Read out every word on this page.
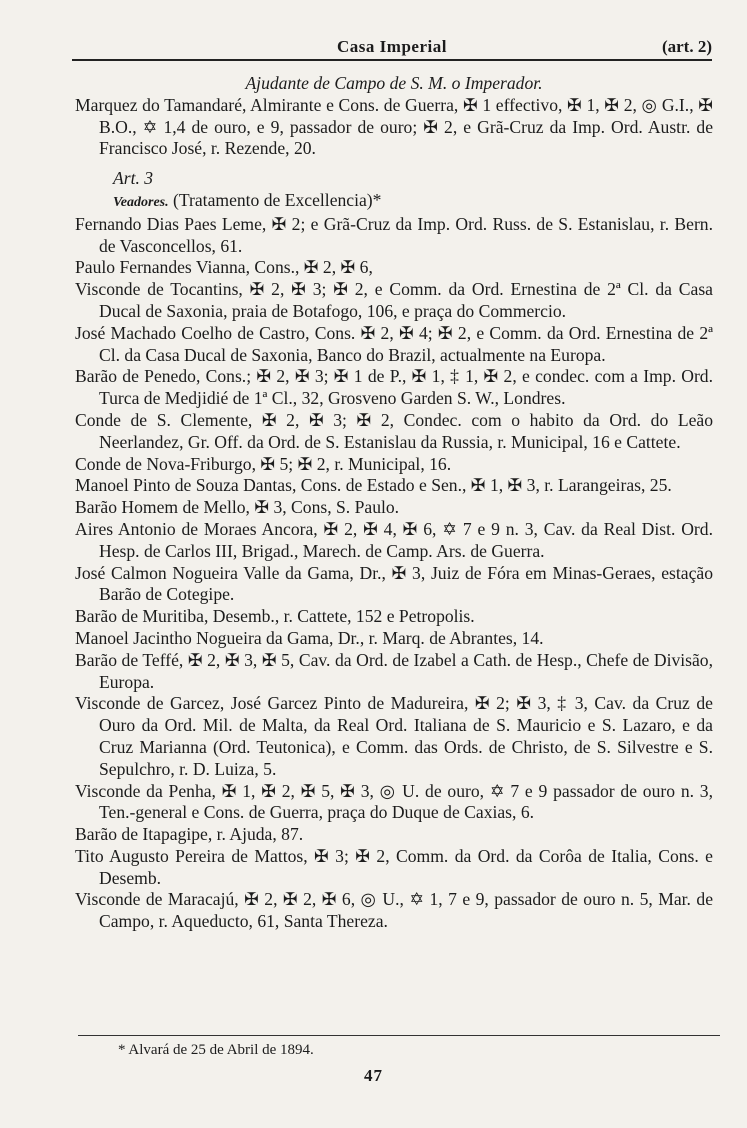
Casa Imperial	(art. 2)

Ajudante de Campo de S. M. o Imperador.

Marquez do Tamandaré, Almirante e Cons. de Guerra, ✠ 1 effectivo, ✠ 1, ✠ 2, ◎ G.I., ✠ B.O., ✡ 1,4 de ouro, e 9, passador de ouro; ✠ 2, e Grã-Cruz da Imp. Ord. Austr. de Francisco José, r. Rezende, 20.

Art. 3

Veadores. (Tratamento de Excellencia)*

Fernando Dias Paes Leme, ✠ 2; e Grã-Cruz da Imp. Ord. Russ. de S. Estanislau, r. Bern. de Vasconcellos, 61.

Paulo Fernandes Vianna, Cons., ✠ 2, ✠ 6,

Visconde de Tocantins, ✠ 2, ✠ 3; ✠ 2, e Comm. da Ord. Ernestina de 2ª Cl. da Casa Ducal de Saxonia, praia de Botafogo, 106, e praça do Commercio.

José Machado Coelho de Castro, Cons. ✠ 2, ✠ 4; ✠ 2, e Comm. da Ord. Ernestina de 2ª Cl. da Casa Ducal de Saxonia, Banco do Brazil, actualmente na Europa.

Barão de Penedo, Cons.; ✠ 2, ✠ 3; ✠ 1 de P., ✠ 1, ‡ 1, ✠ 2, e condec. com a Imp. Ord. Turca de Medjidié de 1ª Cl., 32, Grosveno Garden S. W., Londres.

Conde de S. Clemente, ✠ 2, ✠ 3; ✠ 2, Condec. com o habito da Ord. do Leão Neerlandez, Gr. Off. da Ord. de S. Estanislau da Russia, r. Municipal, 16 e Cattete.

Conde de Nova-Friburgo, ✠ 5; ✠ 2, r. Municipal, 16.

Manoel Pinto de Souza Dantas, Cons. de Estado e Sen., ✠ 1, ✠ 3, r. Larangeiras, 25.

Barão Homem de Mello, ✠ 3, Cons, S. Paulo.

Aires Antonio de Moraes Ancora, ✠ 2, ✠ 4, ✠ 6, ✡ 7 e 9 n. 3, Cav. da Real Dist. Ord. Hesp. de Carlos III, Brigad., Marech. de Camp. Ars. de Guerra.

José Calmon Nogueira Valle da Gama, Dr., ✠ 3, Juiz de Fóra em Minas-Geraes, estação Barão de Cotegipe.

Barão de Muritiba, Desemb., r. Cattete, 152 e Petropolis.

Manoel Jacintho Nogueira da Gama, Dr., r. Marq. de Abrantes, 14.

Barão de Teffé, ✠ 2, ✠ 3, ✠ 5, Cav. da Ord. de Izabel a Cath. de Hesp., Chefe de Divisão, Europa.

Visconde de Garcez, José Garcez Pinto de Madureira, ✠ 2; ✠ 3, ‡ 3, Cav. da Cruz de Ouro da Ord. Mil. de Malta, da Real Ord. Italiana de S. Mauricio e S. Lazaro, e da Cruz Marianna (Ord. Teutonica), e Comm. das Ords. de Christo, de S. Silvestre e S. Sepulchro, r. D. Luiza, 5.

Visconde da Penha, ✠ 1, ✠ 2, ✠ 5, ✠ 3, ◎ U. de ouro, ✡ 7 e 9 passador de ouro n. 3, Ten.-general e Cons. de Guerra, praça do Duque de Caxias, 6.

Barão de Itapagipe, r. Ajuda, 87.

Tito Augusto Pereira de Mattos, ✠ 3; ✠ 2, Comm. da Ord. da Corôa de Italia, Cons. e Desemb.

Visconde de Maracajú, ✠ 2, ✠ 2, ✠ 6, ◎ U., ✡ 1, 7 e 9, passador de ouro n. 5, Mar. de Campo, r. Aqueducto, 61, Santa Thereza.

* Alvará de 25 de Abril de 1894.
47
